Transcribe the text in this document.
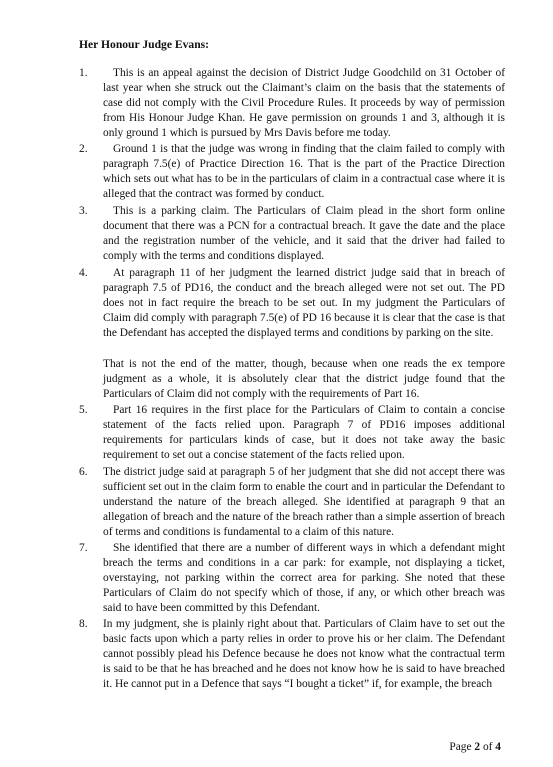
Her Honour Judge Evans:

1.	This is an appeal against the decision of District Judge Goodchild on 31 October of last year when she struck out the Claimant’s claim on the basis that the statements of case did not comply with the Civil Procedure Rules. It proceeds by way of permission from His Honour Judge Khan. He gave permission on grounds 1 and 3, although it is only ground 1 which is pursued by Mrs Davis before me today.
2.	Ground 1 is that the judge was wrong in finding that the claim failed to comply with paragraph 7.5(e) of Practice Direction 16. That is the part of the Practice Direction which sets out what has to be in the particulars of claim in a contractual case where it is alleged that the contract was formed by conduct.
3.	This is a parking claim. The Particulars of Claim plead in the short form online document that there was a PCN for a contractual breach. It gave the date and the place and the registration number of the vehicle, and it said that the driver had failed to comply with the terms and conditions displayed.
4.	At paragraph 11 of her judgment the learned district judge said that in breach of paragraph 7.5 of PD16, the conduct and the breach alleged were not set out. The PD does not in fact require the breach to be set out. In my judgment the Particulars of Claim did comply with paragraph 7.5(e) of PD 16 because it is clear that the case is that the Defendant has accepted the displayed terms and conditions by parking on the site.
That is not the end of the matter, though, because when one reads the ex tempore judgment as a whole, it is absolutely clear that the district judge found that the Particulars of Claim did not comply with the requirements of Part 16.
5.	Part 16 requires in the first place for the Particulars of Claim to contain a concise statement of the facts relied upon. Paragraph 7 of PD16 imposes additional requirements for particulars kinds of case, but it does not take away the basic requirement to set out a concise statement of the facts relied upon.
6. The district judge said at paragraph 5 of her judgment that she did not accept there was sufficient set out in the claim form to enable the court and in particular the Defendant to understand the nature of the breach alleged. She identified at paragraph 9 that an allegation of breach and the nature of the breach rather than a simple assertion of breach of terms and conditions is fundamental to a claim of this nature.
7.	She identified that there are a number of different ways in which a defendant might breach the terms and conditions in a car park: for example, not displaying a ticket, overstaying, not parking within the correct area for parking. She noted that these Particulars of Claim do not specify which of those, if any, or which other breach was said to have been committed by this Defendant.
8. In my judgment, she is plainly right about that. Particulars of Claim have to set out the basic facts upon which a party relies in order to prove his or her claim. The Defendant cannot possibly plead his Defence because he does not know what the contractual term is said to be that he has breached and he does not know how he is said to have breached it. He cannot put in a Defence that says “I bought a ticket” if, for example, the breach
Page 2 of 4
